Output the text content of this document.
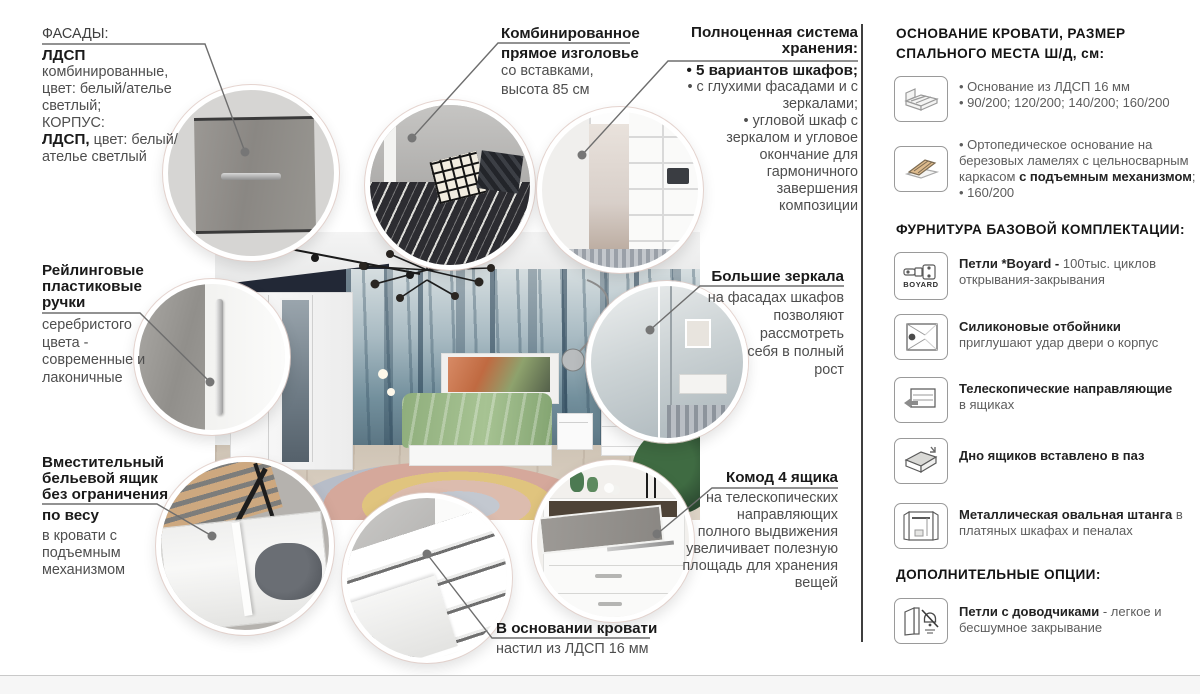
ФАСАДЫ:
ЛДСП
комбинированные,
цвет: белый/ателье
светлый;
КОРПУС:
ЛДСП, цвет: белый/
ателье светлый
Комбинированное
прямое изголовье
со вставками,
высота 85 см
Полноценная система
хранения:
• 5 вариантов шкафов;
• с глухими фасадами и с
зеркалами;
• угловой шкаф с
зеркалом и угловое
окончание для
гармоничного
завершения
композиции
Большие зеркала
на фасадах шкафов
позволяют
рассмотреть
себя в полный
рост
Рейлинговые
пластиковые
ручки
серебристого
цвета -
современные и
лаконичные
Вместительный
бельевой ящик
без ограничения
по весу
в кровати с
подъемным
механизмом
Комод 4 ящика
на телескопических
направляющих
полного выдвижения
увеличивает полезную
площадь для хранения
вещей
В основании кровати
настил из ЛДСП 16 мм
ОСНОВАНИЕ КРОВАТИ, РАЗМЕР
СПАЛЬНОГО МЕСТА Ш/Д, см:
• Основание из ЛДСП 16 мм
• 90/200; 120/200; 140/200; 160/200
• Ортопедическое основание на
березовых ламелях с цельносварным
каркасом с подъемным механизмом;
• 160/200
ФУРНИТУРА БАЗОВОЙ КОМПЛЕКТАЦИИ:
BOYARD
Петли *Boyard - 100тыс. циклов
открывания-закрывания
Силиконовые отбойники
приглушают удар двери о корпус
Телескопические направляющие
в ящиках
Дно ящиков вставлено в паз
Металлическая овальная штанга в
платяных шкафах и пеналах
ДОПОЛНИТЕЛЬНЫЕ ОПЦИИ:
Петли с доводчиками - легкое и
бесшумное закрывание
